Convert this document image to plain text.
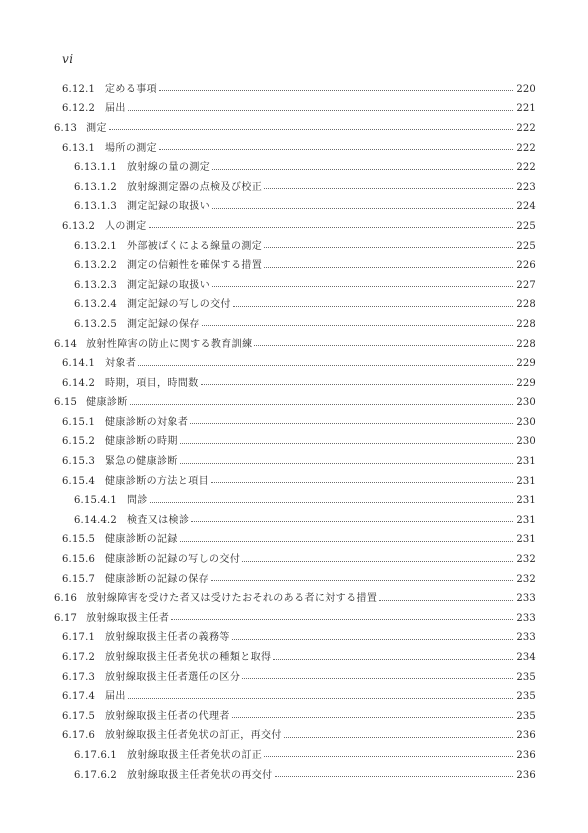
vi
6.12.1 定める事項	220
6.12.2 届出	221
6.13 測定	222
6.13.1 場所の測定	222
6.13.1.1 放射線の量の測定	222
6.13.1.2 放射線測定器の点検及び校正	223
6.13.1.3 測定記録の取扱い	224
6.13.2 人の測定	225
6.13.2.1 外部被ばくによる線量の測定	225
6.13.2.2 測定の信頼性を確保する措置	226
6.13.2.3 測定記録の取扱い	227
6.13.2.4 測定記録の写しの交付	228
6.13.2.5 測定記録の保存	228
6.14 放射性障害の防止に関する教育訓練	228
6.14.1 対象者	229
6.14.2 時期，項目，時間数	229
6.15 健康診断	230
6.15.1 健康診断の対象者	230
6.15.2 健康診断の時期	230
6.15.3 緊急の健康診断	231
6.15.4 健康診断の方法と項目	231
6.15.4.1 問診	231
6.14.4.2 検査又は検診	231
6.15.5 健康診断の記録	231
6.15.6 健康診断の記録の写しの交付	232
6.15.7 健康診断の記録の保存	232
6.16 放射線障害を受けた者又は受けたおそれのある者に対する措置	233
6.17 放射線取扱主任者	233
6.17.1 放射線取扱主任者の義務等	233
6.17.2 放射線取扱主任者免状の種類と取得	234
6.17.3 放射線取扱主任者選任の区分	235
6.17.4 届出	235
6.17.5 放射線取扱主任者の代理者	235
6.17.6 放射線取扱主任者免状の訂正，再交付	236
6.17.6.1 放射線取扱主任者免状の訂正	236
6.17.6.2 放射線取扱主任者免状の再交付	236
